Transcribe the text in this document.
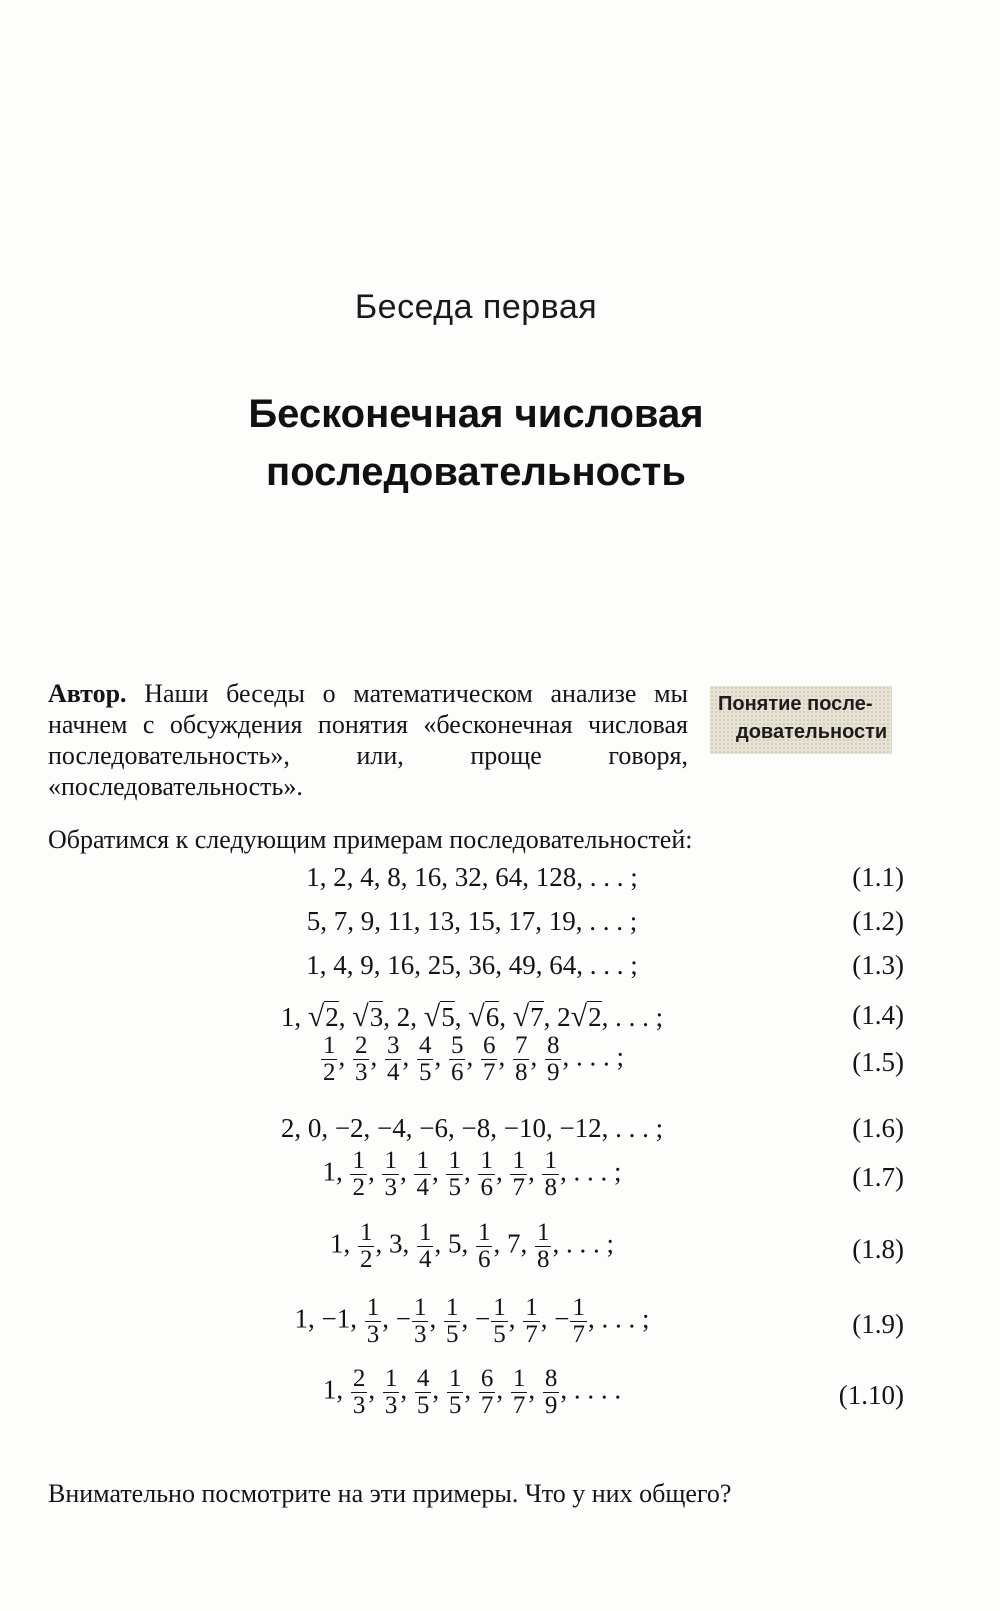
Беседа первая
Бесконечная числовая
последовательность
Автор. Наши беседы о математическом анализе мы начнем с обсуждения понятия «бесконечная числовая последовательность», или, проще говоря, «последовательность».
Понятие после-
довательности
Обратимся к следующим примерам последовательностей:
1, 2, 4, 8, 16, 32, 64, 128, . . . ;	(1.1)
5, 7, 9, 11, 13, 15, 17, 19, . . . ;	(1.2)
1, 4, 9, 16, 25, 36, 49, 64, . . . ;	(1.3)
1, √2, √3, 2, √5, √6, √7, 2√2, . . . ;	(1.4)
$\frac{1}{2}$ , $\frac{2}{3}$ , $\frac{3}{4}$ , $\frac{4}{5}$ , $\frac{5}{6}$ , $\frac{6}{7}$ , $\frac{7}{8}$ , $\frac{8}{9}$ , . . . ;	(1.5)
2, 0, −2, −4, −6, −8, −10, −12, . . . ;	(1.6)
1, $\frac{1}{2}$ , $\frac{1}{3}$ , $\frac{1}{4}$ , $\frac{1}{5}$ , $\frac{1}{6}$ , $\frac{1}{7}$ , $\frac{1}{8}$ , . . . ;	(1.7)
1, $\frac{1}{2}$ , 3, $\frac{1}{4}$ , 5, $\frac{1}{6}$ , 7, $\frac{1}{8}$ , . . . ;	(1.8)
1, −1, $\frac{1}{3}$ , − $\frac{1}{3}$ , $\frac{1}{5}$ , − $\frac{1}{5}$ , $\frac{1}{7}$ , − $\frac{1}{7}$ , . . . ;	(1.9)
1, $\frac{2}{3}$ , $\frac{1}{3}$ , $\frac{4}{5}$ , $\frac{1}{5}$ , $\frac{6}{7}$ , $\frac{1}{7}$ , $\frac{8}{9}$ , . . . .	(1.10)
Внимательно посмотрите на эти примеры. Что у них общего?
